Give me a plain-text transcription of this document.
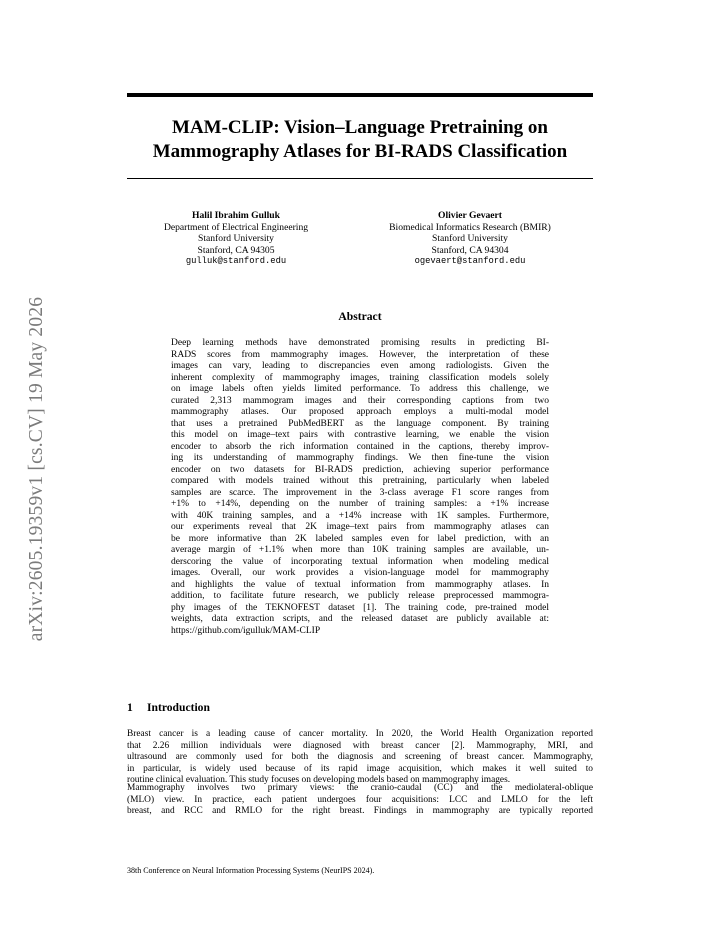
arXiv:2605.19359v1 [cs.CV] 19 May 2026
MAM-CLIP: Vision–Language Pretraining on
Mammography Atlases for BI-RADS Classification
Halil Ibrahim Gulluk
Department of Electrical Engineering
Stanford University
Stanford, CA 94305
gulluk@stanford.edu
Olivier Gevaert
Biomedical Informatics Research (BMIR)
Stanford University
Stanford, CA 94304
ogevaert@stanford.edu
Abstract

Deep learning methods have demonstrated promising results in predicting BI-
RADS scores from mammography images. However, the interpretation of these
images can vary, leading to discrepancies even among radiologists. Given the
inherent complexity of mammography images, training classification models solely
on image labels often yields limited performance. To address this challenge, we
curated 2,313 mammogram images and their corresponding captions from two
mammography atlases. Our proposed approach employs a multi-modal model
that uses a pretrained PubMedBERT as the language component. By training
this model on image–text pairs with contrastive learning, we enable the vision
encoder to absorb the rich information contained in the captions, thereby improv-
ing its understanding of mammography findings. We then fine-tune the vision
encoder on two datasets for BI-RADS prediction, achieving superior performance
compared with models trained without this pretraining, particularly when labeled
samples are scarce. The improvement in the 3-class average F1 score ranges from
+1% to +14%, depending on the number of training samples: a +1% increase
with 40K training samples, and a +14% increase with 1K samples. Furthermore,
our experiments reveal that 2K image–text pairs from mammography atlases can
be more informative than 2K labeled samples even for label prediction, with an
average margin of +1.1% when more than 10K training samples are available, un-
derscoring the value of incorporating textual information when modeling medical
images. Overall, our work provides a vision-language model for mammography
and highlights the value of textual information from mammography atlases. In
addition, to facilitate future research, we publicly release preprocessed mammogra-
phy images of the TEKNOFEST dataset [1]. The training code, pre-trained model
weights, data extraction scripts, and the released dataset are publicly available at:
https://github.com/igulluk/MAM-CLIP

1 Introduction

Breast cancer is a leading cause of cancer mortality. In 2020, the World Health Organization reported
that 2.26 million individuals were diagnosed with breast cancer [2]. Mammography, MRI, and
ultrasound are commonly used for both the diagnosis and screening of breast cancer. Mammography,
in particular, is widely used because of its rapid image acquisition, which makes it well suited to
routine clinical evaluation. This study focuses on developing models based on mammography images.

Mammography involves two primary views: the cranio-caudal (CC) and the mediolateral-oblique
(MLO) view. In practice, each patient undergoes four acquisitions: LCC and LMLO for the left
breast, and RCC and RMLO for the right breast. Findings in mammography are typically reported

38th Conference on Neural Information Processing Systems (NeurIPS 2024).
